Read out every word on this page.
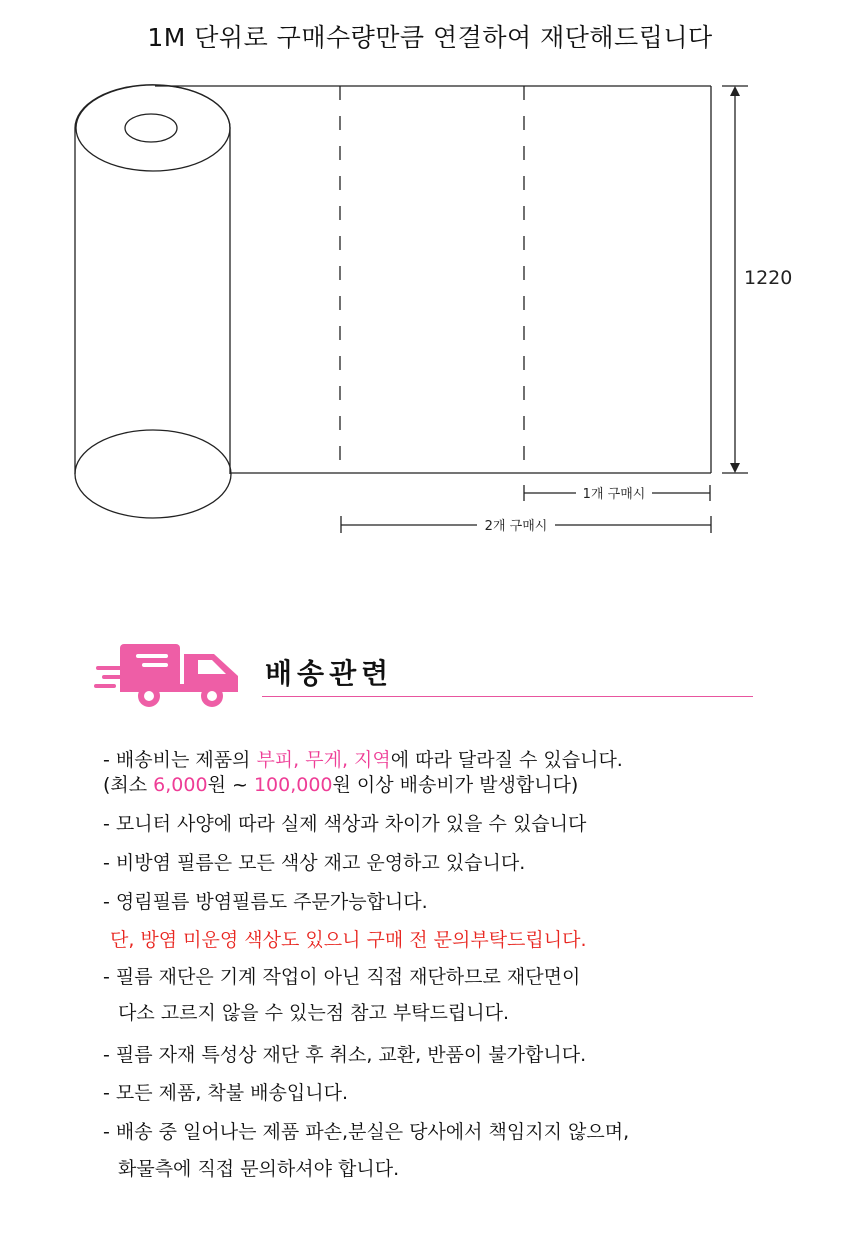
1M 단위로 구매수량만큼 연결하여 재단해드립니다
1220
1개 구매시
2개 구매시
배송관련
- 배송비는 제품의 부피, 무게, 지역에 따라 달라질 수 있습니다.
(최소 6,000원 ~ 100,000원 이상 배송비가 발생합니다)
- 모니터 사양에 따라 실제 색상과 차이가 있을 수 있습니다
- 비방염 필름은 모든 색상 재고 운영하고 있습니다.
- 영림필름 방염필름도 주문가능합니다.
단, 방염 미운영 색상도 있으니 구매 전 문의부탁드립니다.
- 필름 재단은 기계 작업이 아닌 직접 재단하므로 재단면이
다소 고르지 않을 수 있는점 참고 부탁드립니다.
- 필름 자재 특성상 재단 후 취소, 교환, 반품이 불가합니다.
- 모든 제품, 착불 배송입니다.
- 배송 중 일어나는 제품 파손,분실은 당사에서 책임지지 않으며,
화물측에 직접 문의하셔야 합니다.
